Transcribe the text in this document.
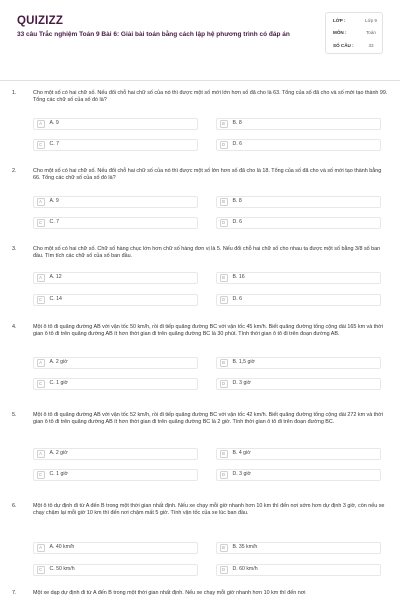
QUIZIZZ
33 câu Trắc nghiệm Toán 9 Bài 6: Giải bài toán bằng cách lập hệ phương trình có đáp án
LỚP :	Lớp 9
MÔN :	Toán
SỐ CÂU :	33
1.	Cho một số có hai chữ số. Nếu đổi chỗ hai chữ số của nó thì được một số mới lớn hơn số đã cho là 63. Tổng của số đã cho và số mới tạo thành 99. Tổng các chữ số của số đó là?
A	A. 9	B	B. 8
C	C. 7	D	D. 6
2.	Cho một số có hai chữ số. Nếu đổi chỗ hai chữ số của nó thì được một số lớn hơn số đã cho là 18. Tổng của số đã cho và số mới tạo thành bằng 66. Tổng các chữ số của số đó là?
A	A. 9	B	B. 8
C	C. 7	D	D. 6
3.	Cho một số có hai chữ số. Chữ số hàng chục lớn hơn chữ số hàng đơn vị là 5. Nếu đổi chỗ hai chữ số cho nhau ta được một số bằng 3/8 số ban đầu. Tìm tích các chữ số của số ban đầu.
A	A. 12	B	B. 16
C	C. 14	D	D. 6
4.	Một ô tô đi quãng đường AB với vận tốc 50 km/h, rồi đi tiếp quãng đường BC với vận tốc 45 km/h. Biết quãng đường tổng cộng dài 165 km và thời gian ô tô đi trên quãng đường AB ít hơn thời gian đi trên quãng đường BC là 30 phút. Tính thời gian ô tô đi trên đoạn đường AB.
A	A. 2 giờ	B	B. 1,5 giờ
C	C. 1 giờ	D	D. 3 giờ
5.	Một ô tô đi quãng đường AB với vận tốc 52 km/h, rồi đi tiếp quãng đường BC với vận tốc 42 km/h. Biết quãng đường tổng cộng dài 272 km và thời gian ô tô đi trên quãng đường AB ít hơn thời gian đi trên quãng đường BC là 2 giờ. Tính thời gian ô tô đi trên đoạn đường BC.
A	A. 2 giờ	B	B. 4 giờ
C	C. 1 giờ	D	D. 3 giờ
6.	Một ô tô dự định đi từ A đến B trong một thời gian nhất định. Nếu xe chạy mỗi giờ nhanh hơn 10 km thì đến nơi sớm hơn dự định 3 giờ, còn nếu xe chạy chậm lại mỗi giờ 10 km thì đến nơi chậm mất 5 giờ. Tính vận tốc của xe lúc ban đầu.
A	A. 40 km/h	B	B. 35 km/h
C	C. 50 km/h	D	D. 60 km/h
7.	Một xe dạp dự định đi từ A đến B trong một thời gian nhất định. Nếu xe chạy mỗi giờ nhanh hơn 10 km thì đến nơi
